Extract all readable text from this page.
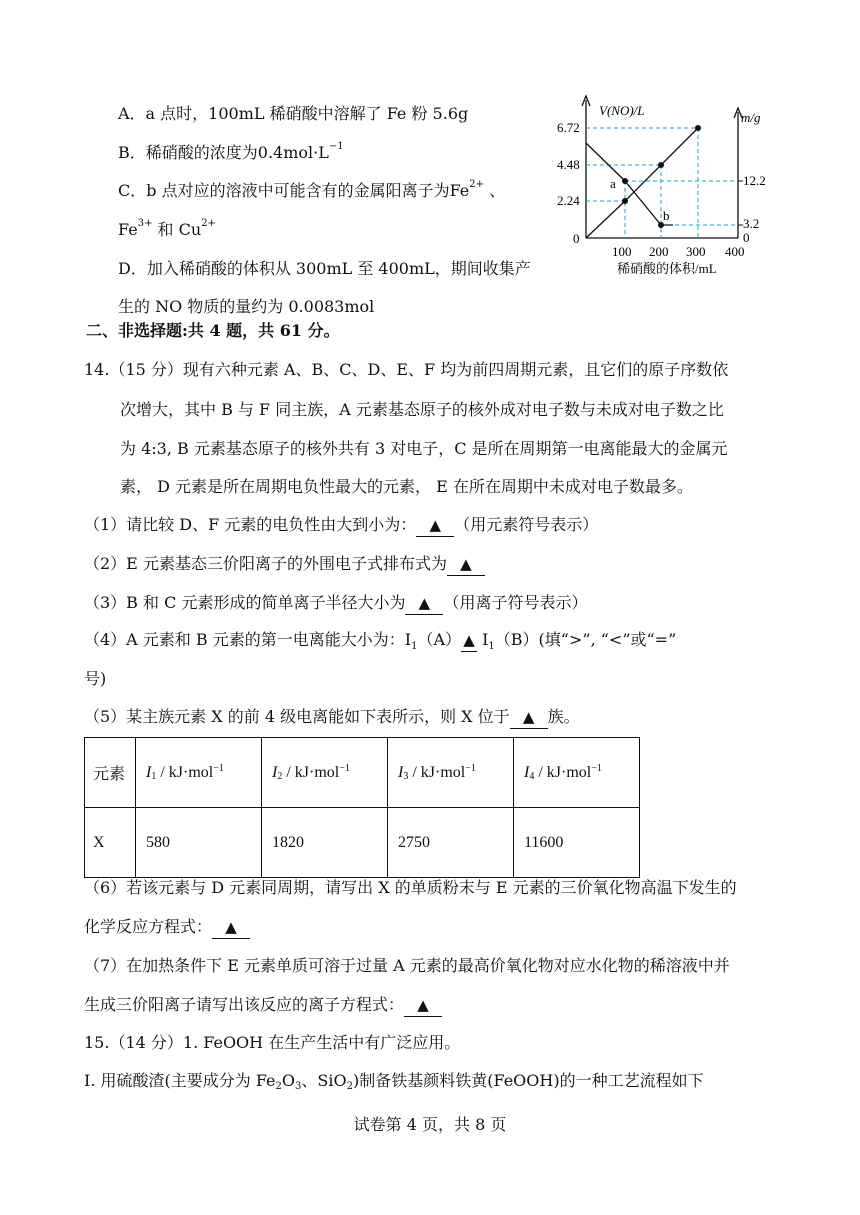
A．a 点时，100mL 稀硝酸中溶解了 Fe 粉 5.6g
B．稀硝酸的浓度为$0.4mol\cdot L^{-1}$
C．b 点对应的溶液中可能含有的金属阳离子为$Fe^{2+}$ 、
$Fe^{3+}$ 和 $Cu^{2+}$
D．加入稀硝酸的体积从 300mL 至 400mL，期间收集产
生的 NO 物质的量约为 0.0083mol
V(NO)/L	m/g
6.72
4.48
2.24
0
12.2
3.2
0
100 200 300 400
稀硝酸的体积/mL
a
b
二、非选择题:共 4 题，共 61 分。
14.（15 分）现有六种元素 A、B、C、D、E、F 均为前四周期元素，且它们的原子序数依
次增大，其中 B 与 F 同主族，A 元素基态原子的核外成对电子数与未成对电子数之比
为 4:3, B 元素基态原子的核外共有 3 对电子，C 是所在周期第一电离能最大的金属元
素， D 元素是所在周期电负性最大的元素， E 在所在周期中未成对电子数最多。
（1）请比较 D、F 元素的电负性由大到小为： ▲ （用元素符号表示）
（2）E 元素基态三价阳离子的外围电子式排布式为 ▲
（3）B 和 C 元素形成的简单离子半径大小为 ▲ （用离子符号表示）
（4）A 元素和 B 元素的第一电离能大小为：I1（A） ▲ I1（B）(填“>”, “<”或“=”
号)
（5）某主族元素 X 的前 4 级电离能如下表所示，则 X 位于 ▲ 族。
元素	I1 / kJ·mol$^{-1}$	I2 / kJ·mol$^{-1}$	I3 / kJ·mol$^{-1}$	I4 / kJ·mol$^{-1}$
X	580	1820	2750	11600
（6）若该元素与 D 元素同周期，请写出 X 的单质粉末与 E 元素的三价氧化物高温下发生的
化学反应方程式： ▲
（7）在加热条件下 E 元素单质可溶于过量 A 元素的最高价氧化物对应水化物的稀溶液中并
生成三价阳离子请写出该反应的离子方程式： ▲
15.（14 分）1. FeOOH 在生产生活中有广泛应用。
I. 用硫酸渣(主要成分为 Fe2O3、SiO2)制备铁基颜料铁黄(FeOOH)的一种工艺流程如下
试卷第 4 页，共 8 页
